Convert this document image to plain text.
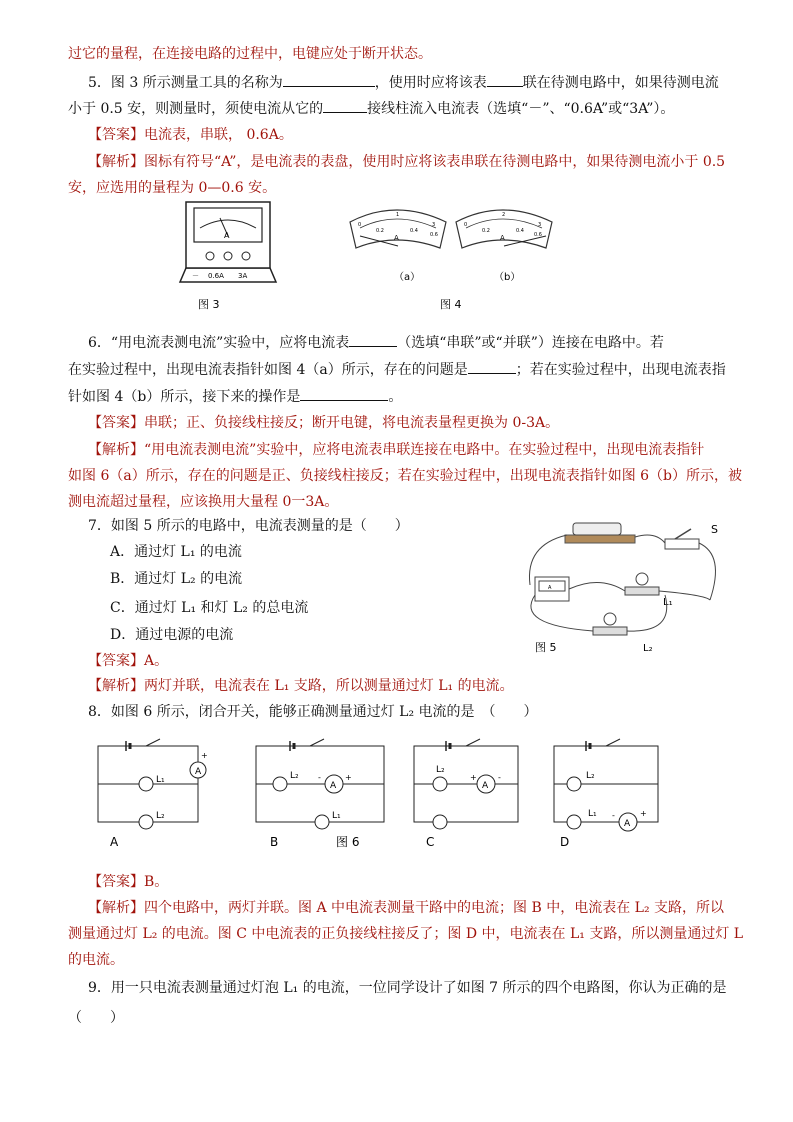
过它的量程，在连接电路的过程中，电键应处于断开状态。
5．图 3 所示测量工具的名称为	，使用时应将该表	联在待测电路中，如果待测电流
小于 0.5 安，则测量时，须使电流从它的	接线柱流入电流表（选填“－”、“0.6A”或“3A”）。
【答案】电流表，串联， 0.6A。
【解析】图标有符号“A”，是电流表的表盘，使用时应将该表串联在待测电路中，如果待测电流小于 0.5
安，应选用的量程为 0—0.6 安。
A
－ 0.6A 3A
图 3
A
0
1
3
0.2	0.4
0.6	A
0
2
3
0.2	0.4
0.6
（a）	（b）
图 4
6．“用电流表测电流”实验中，应将电流表	（选填“串联”或“并联”）连接在电路中。若
在实验过程中，出现电流表指针如图 4（a）所示，存在的问题是	；若在实验过程中，出现电流表指
针如图 4（b）所示，接下来的操作是	。
【答案】串联；正、负接线柱接反；断开电键，将电流表量程更换为 0-3A。
【解析】“用电流表测电流”实验中，应将电流表串联连接在电路中。在实验过程中，出现电流表指针
如图 6（a）所示，存在的问题是正、负接线柱接反；若在实验过程中，出现电流表指针如图 6（b）所示，被
测电流超过量程，应该换用大量程 0一3A。
7．如图 5 所示的电路中，电流表测量的是（　　）
A．通过灯 L₁ 的电流
B．通过灯 L₂ 的电流
C．通过灯 L₁ 和灯 L₂ 的总电流
D．通过电源的电流
【答案】A。
【解析】两灯并联，电流表在 L₁ 支路，所以测量通过灯 L₁ 的电流。
S
A
L₁
图 5	L₂
8．如图 6 所示，闭合开关，能够正确测量通过灯 L₂ 电流的是　（　　）
A
+
L₁
L₂
A
L₂
A
-	+
L₁
B	图 6
L₂
A
+	-
C
L₂
L₁
A
-	+
D
【答案】B。
【解析】四个电路中，两灯并联。图 A 中电流表测量干路中的电流；图 B 中，电流表在 L₂ 支路，所以
测量通过灯 L₂ 的电流。图 C 中电流表的正负接线柱接反了；图 D 中，电流表在 L₁ 支路，所以测量通过灯 L
的电流。
9．用一只电流表测量通过灯泡 L₁ 的电流，一位同学设计了如图 7 所示的四个电路图，你认为正确的是
（　　）
